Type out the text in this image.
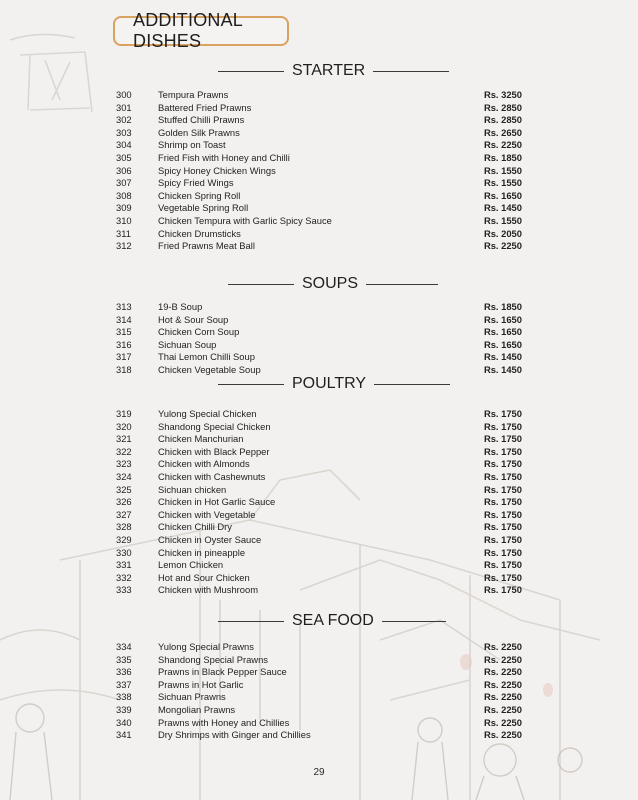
ADDITIONAL DISHES
STARTER
300	Tempura Prawns	Rs. 3250
301	Battered Fried Prawns	Rs. 2850
302	Stuffed Chilli Prawns	Rs. 2850
303	Golden Silk Prawns	Rs. 2650
304	Shrimp on Toast	Rs. 2250
305	Fried Fish with Honey and Chilli	Rs. 1850
306	Spicy Honey Chicken Wings	Rs. 1550
307	Spicy Fried Wings	Rs. 1550
308	Chicken Spring Roll	Rs. 1650
309	Vegetable Spring Roll	Rs. 1450
310	Chicken Tempura with Garlic Spicy Sauce	Rs. 1550
311	Chicken Drumsticks	Rs. 2050
312	Fried Prawns Meat Ball	Rs. 2250
SOUPS
313	19-B Soup	Rs. 1850
314	Hot & Sour Soup	Rs. 1650
315	Chicken Corn Soup	Rs. 1650
316	Sichuan Soup	Rs. 1650
317	Thai Lemon Chilli Soup	Rs. 1450
318	Chicken Vegetable Soup	Rs. 1450
POULTRY
319	Yulong Special Chicken	Rs. 1750
320	Shandong Special Chicken	Rs. 1750
321	Chicken Manchurian	Rs. 1750
322	Chicken with Black Pepper	Rs. 1750
323	Chicken with Almonds	Rs. 1750
324	Chicken with Cashewnuts	Rs. 1750
325	Sichuan chicken	Rs. 1750
326	Chicken in Hot Garlic Sauce	Rs. 1750
327	Chicken with Vegetable	Rs. 1750
328	Chicken Chilli Dry	Rs. 1750
329	Chicken in Oyster Sauce	Rs. 1750
330	Chicken in pineapple	Rs. 1750
331	Lemon Chicken	Rs. 1750
332	Hot and Sour Chicken	Rs. 1750
333	Chicken with Mushroom	Rs. 1750
SEA FOOD
334	Yulong Special Prawns	Rs. 2250
335	Shandong Special Prawns	Rs. 2250
336	Prawns in Black Pepper Sauce	Rs. 2250
337	Prawns in Hot Garlic	Rs. 2250
338	Sichuan Prawns	Rs. 2250
339	Mongolian Prawns	Rs. 2250
340	Prawns with Honey and Chillies	Rs. 2250
341	Dry Shrimps with Ginger and Chillies	Rs. 2250
29
